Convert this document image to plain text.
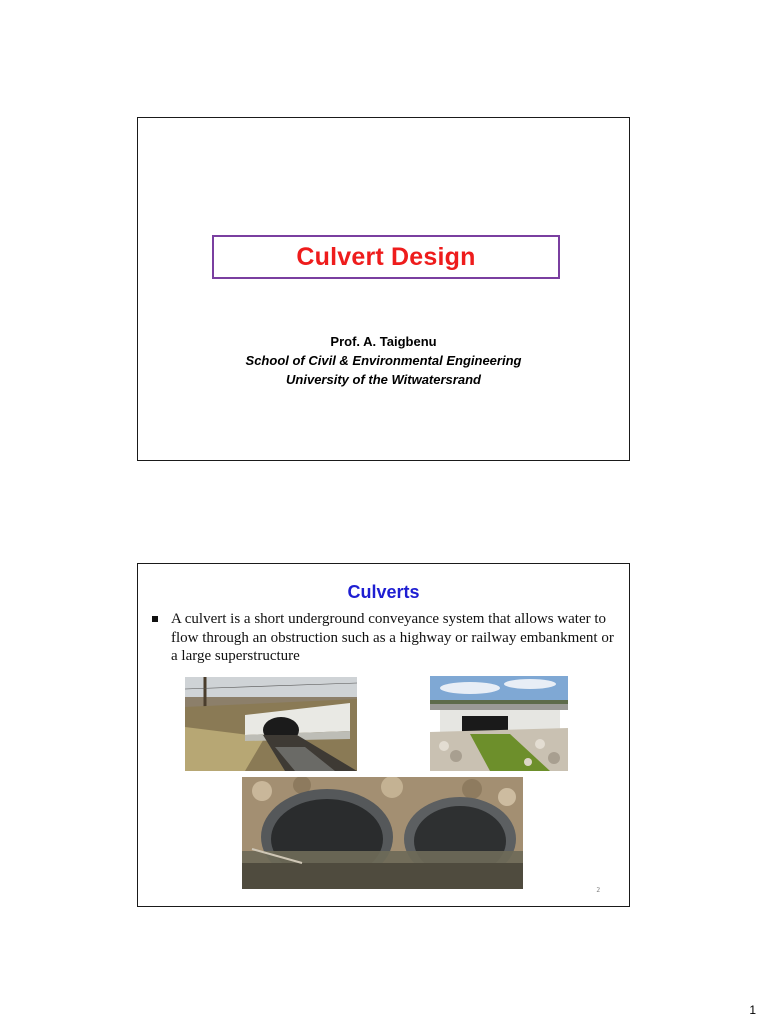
Culvert Design
Prof. A. Taigbenu
School of Civil & Environmental Engineering
University of the Witwatersrand
Culverts
A culvert is a short underground conveyance system that allows water to flow through an obstruction such as a highway or railway embankment or a large superstructure
2
1
